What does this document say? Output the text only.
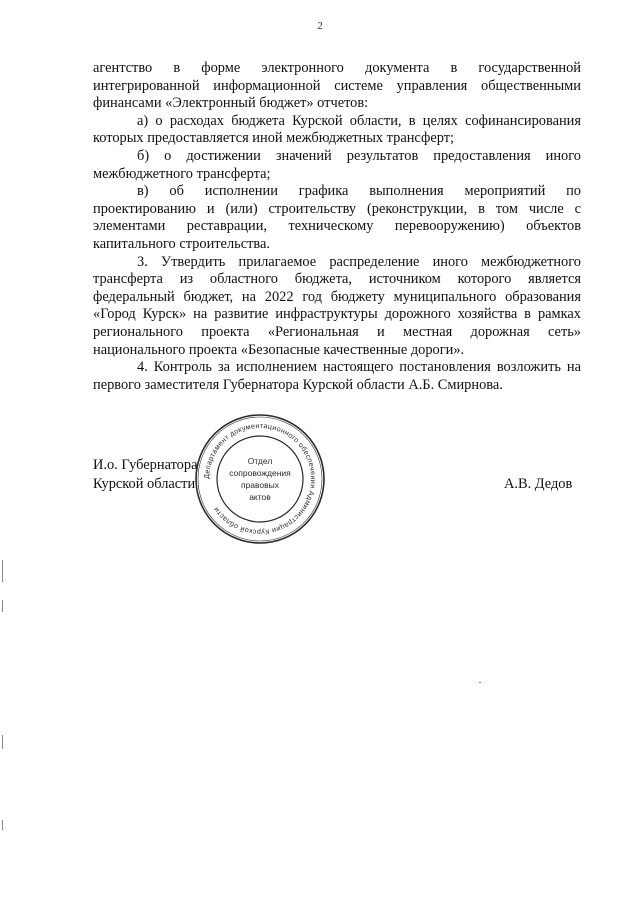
2

агентство в форме электронного документа в государственной интегрированной информационной системе управления общественными финансами «Электронный бюджет» отчетов:

а) о расходах бюджета Курской области, в целях софинансирования которых предоставляется иной межбюджетных трансферт;

б) о достижении значений результатов предоставления иного межбюджетного трансферта;

в) об исполнении графика выполнения мероприятий по проектированию и (или) строительству (реконструкции, в том числе с элементами реставрации, техническому перевооружению) объектов капитального строительства.

3. Утвердить прилагаемое распределение иного межбюджетного трансферта из областного бюджета, источником которого является федеральный бюджет, на 2022 год бюджету муниципального образования «Город Курск» на развитие инфраструктуры дорожного хозяйства в рамках регионального проекта «Региональная и местная дорожная сеть» национального проекта «Безопасные качественные дороги».

4. Контроль за исполнением настоящего постановления возложить на первого заместителя Губернатора Курской области А.Б. Смирнова.

И.о. Губернатора
Курской области	А.В. Дедов
Департамент документационного обеспечения Администрации Курской области
Отдел
сопровождения
правовых
актов
